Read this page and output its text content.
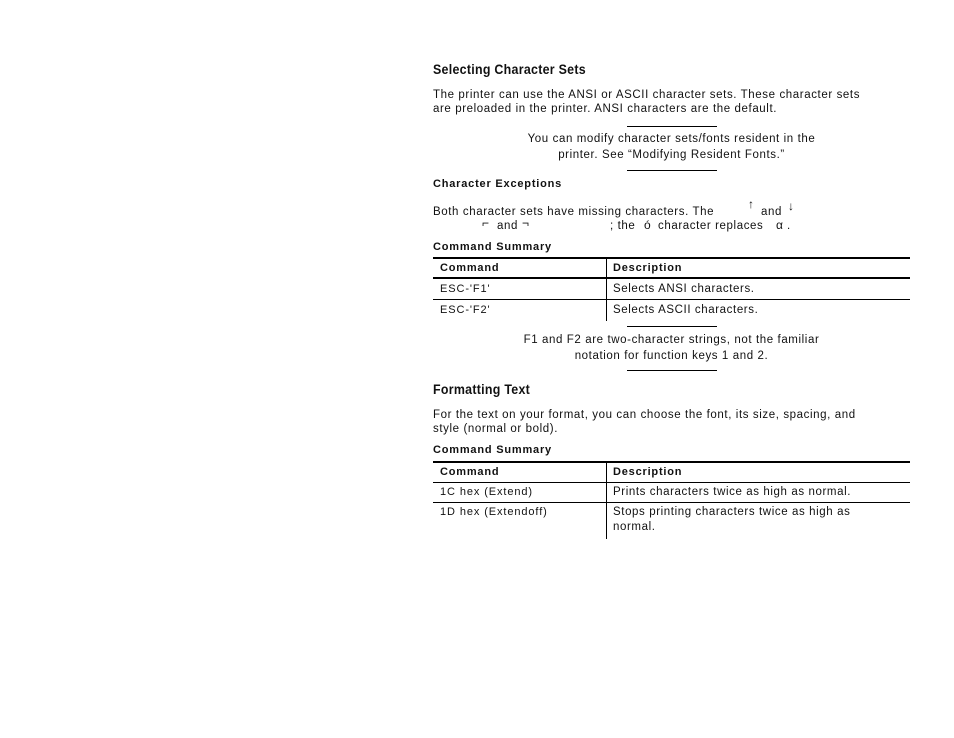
Selecting Character Sets
The printer can use the ANSI or ASCII character sets. These character sets
are preloaded in the printer. ANSI characters are the default.
You can modify character sets/fonts resident in the
printer. See “Modifying Resident Fonts.”
Character Exceptions
Both character sets have missing characters. The
↑
and ↓
⌐ and ¬	; the ó character replaces α .
Command Summary
Command	Description
ESC-'F1'	Selects ANSI characters.
ESC-'F2'	Selects ASCII characters.
F1 and F2 are two-character strings, not the familiar
notation for function keys 1 and 2.
Formatting Text
For the text on your format, you can choose the font, its size, spacing, and
style (normal or bold).
Command Summary
Command	Description
1C hex (Extend)	Prints characters twice as high as normal.
1D hex (Extendoff)	Stops printing characters twice as high as
normal.
